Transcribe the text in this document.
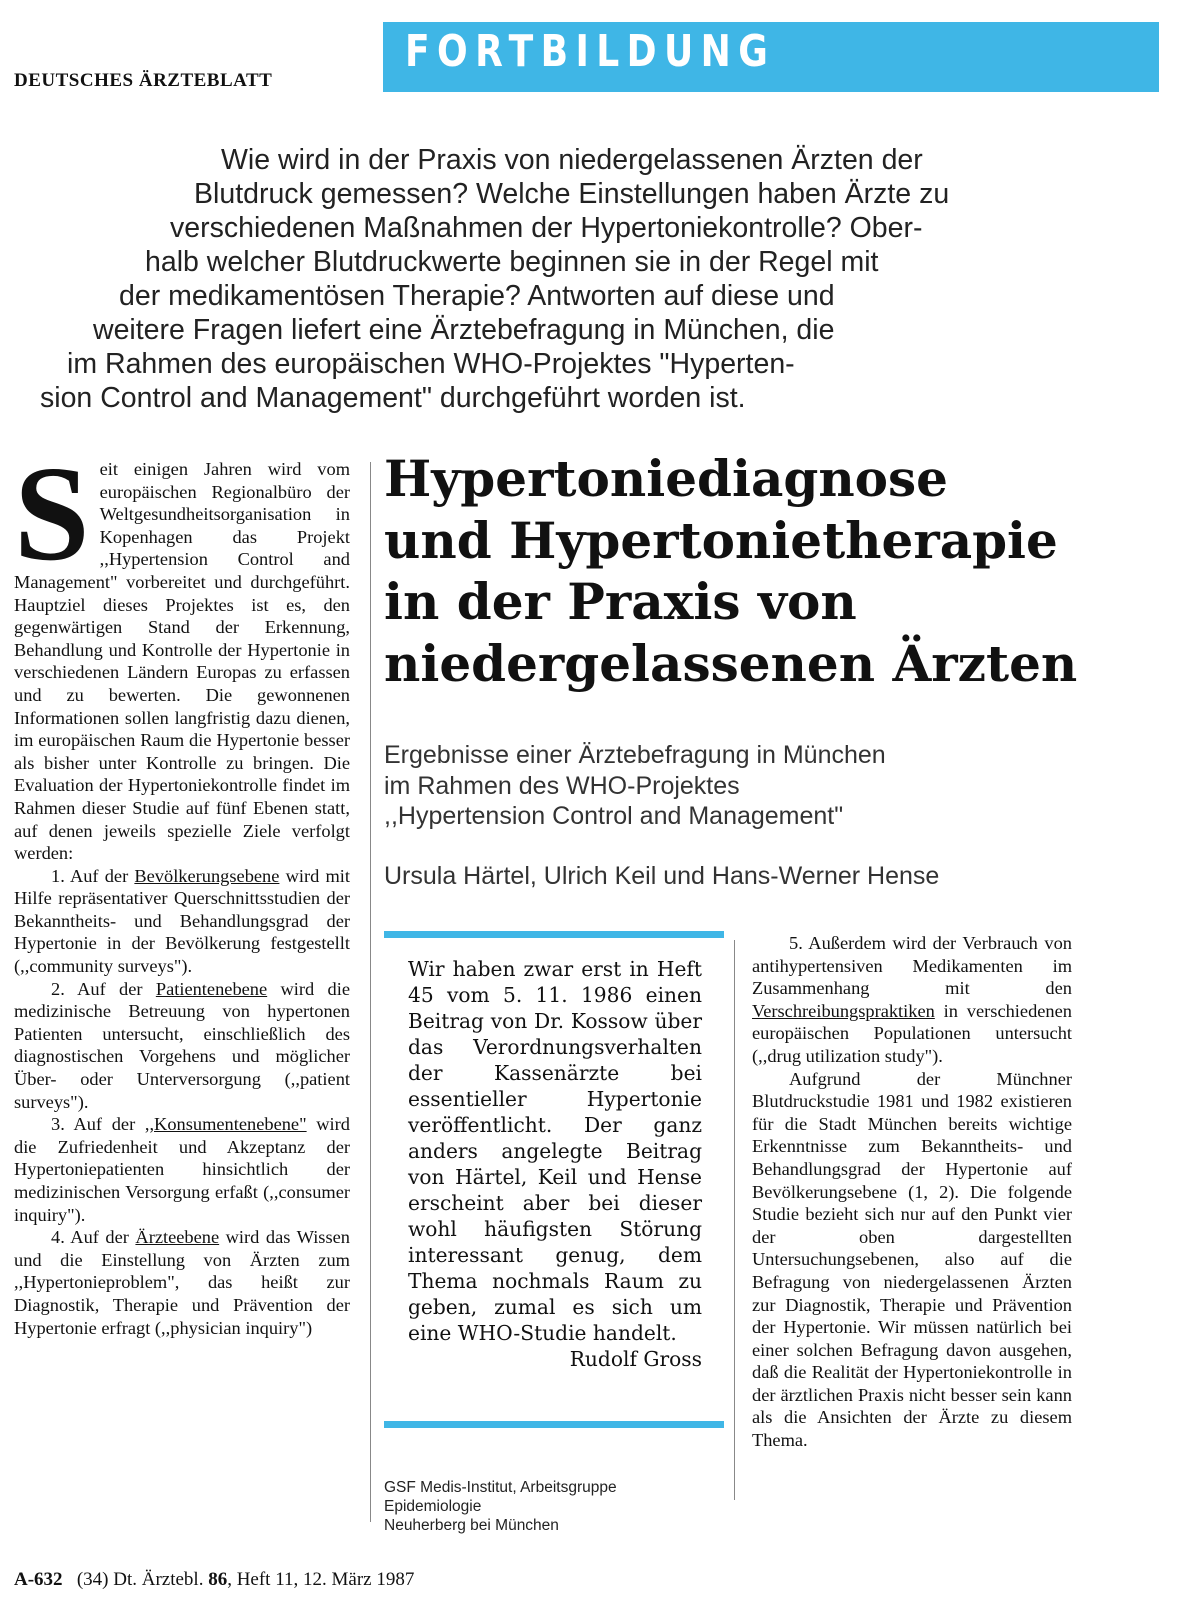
DEUTSCHES ÄRZTEBLATT
FORTBILDUNG
Wie wird in der Praxis von niedergelassenen Ärzten der
Blutdruck gemessen? Welche Einstellungen haben Ärzte zu
verschiedenen Maßnahmen der Hypertoniekontrolle? Ober-
halb welcher Blutdruckwerte beginnen sie in der Regel mit
der medikamentösen Therapie? Antworten auf diese und
weitere Fragen liefert eine Ärztebefragung in München, die
im Rahmen des europäischen WHO-Projektes "Hyperten-
sion Control and Management" durchgeführt worden ist.

Seit einigen Jahren wird vom europäischen Regionalbüro der Weltgesundheitsorganisation in Kopenhagen das Projekt ,,Hypertension Control and Management" vorbereitet und durchgeführt. Hauptziel dieses Projektes ist es, den gegenwärtigen Stand der Erkennung, Behandlung und Kontrolle der Hypertonie in verschiedenen Ländern Europas zu erfassen und zu bewerten. Die gewonnenen Informationen sollen langfristig dazu dienen, im europäischen Raum die Hypertonie besser als bisher unter Kontrolle zu bringen. Die Evaluation der Hypertoniekontrolle findet im Rahmen dieser Studie auf fünf Ebenen statt, auf denen jeweils spezielle Ziele verfolgt werden:

1. Auf der Bevölkerungsebene wird mit Hilfe repräsentativer Querschnittsstudien der Bekanntheits- und Behandlungsgrad der Hypertonie in der Bevölkerung festgestellt (,,community surveys").

2. Auf der Patientenebene wird die medizinische Betreuung von hypertonen Patienten untersucht, einschließlich des diagnostischen Vorgehens und möglicher Über- oder Unterversorgung (,,patient surveys").

3. Auf der ,,Konsumentenebene" wird die Zufriedenheit und Akzeptanz der Hypertoniepatienten hinsichtlich der medizinischen Versorgung erfaßt (,,consumer inquiry").

4. Auf der Ärzteebene wird das Wissen und die Einstellung von Ärzten zum ,,Hypertonieproblem", das heißt zur Diagnostik, Therapie und Prävention der Hypertonie erfragt (,,physician inquiry")

Hypertoniediagnose
und Hypertonietherapie
in der Praxis von
niedergelassenen Ärzten
Ergebnisse einer Ärztebefragung in München
im Rahmen des WHO-Projektes
,,Hypertension Control and Management"
Ursula Härtel, Ulrich Keil und Hans-Werner Hense
Wir haben zwar erst in Heft 45 vom 5. 11. 1986 einen Beitrag von Dr. Kossow über das Verordnungsverhalten der Kassenärzte bei essentieller Hypertonie veröffentlicht. Der ganz anders angelegte Beitrag von Härtel, Keil und Hense erscheint aber bei dieser wohl häufigsten Störung interessant genug, dem Thema nochmals Raum zu geben, zumal es sich um eine WHO-Studie handelt.
Rudolf Gross
GSF Medis-Institut, Arbeitsgruppe
Epidemiologie
Neuherberg bei München

5. Außerdem wird der Verbrauch von antihypertensiven Medikamenten im Zusammenhang mit den Verschreibungspraktiken in verschiedenen europäischen Populationen untersucht (,,drug utilization study").

Aufgrund der Münchner Blutdruckstudie 1981 und 1982 existieren für die Stadt München bereits wichtige Erkenntnisse zum Bekanntheits- und Behandlungsgrad der Hypertonie auf Bevölkerungsebene (1, 2). Die folgende Studie bezieht sich nur auf den Punkt vier der oben dargestellten Untersuchungsebenen, also auf die Befragung von niedergelassenen Ärzten zur Diagnostik, Therapie und Prävention der Hypertonie. Wir müssen natürlich bei einer solchen Befragung davon ausgehen, daß die Realität der Hypertoniekontrolle in der ärztlichen Praxis nicht besser sein kann als die Ansichten der Ärzte zu diesem Thema.

A-632 (34) Dt. Ärztebl. 86, Heft 11, 12. März 1987
